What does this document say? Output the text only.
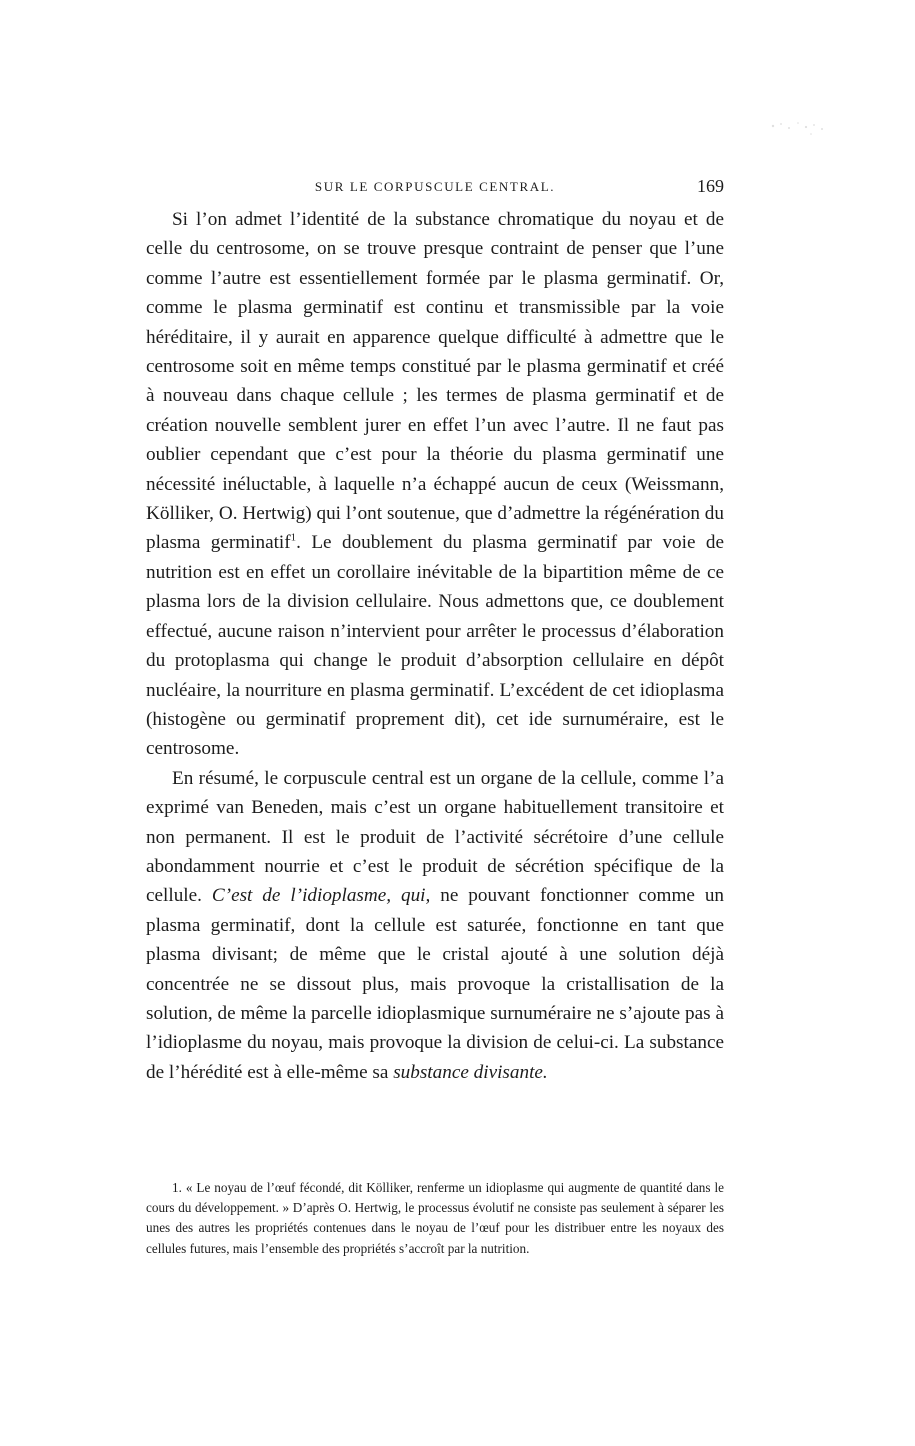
SUR LE CORPUSCULE CENTRAL.	169

Si l’on admet l’identité de la substance chromatique du noyau et de celle du centrosome, on se trouve presque contraint de penser que l’une comme l’autre est essentiellement formée par le plasma germinatif. Or, comme le plasma germinatif est continu et transmissible par la voie héréditaire, il y aurait en apparence quelque difficulté à admettre que le centrosome soit en même temps constitué par le plasma germinatif et créé à nouveau dans chaque cellule ; les termes de plasma germinatif et de création nouvelle semblent jurer en effet l’un avec l’autre. Il ne faut pas oublier cependant que c’est pour la théorie du plasma germinatif une nécessité inéluctable, à laquelle n’a échappé aucun de ceux (Weissmann, Kölliker, O. Hertwig) qui l’ont soutenue, que d’admettre la régénération du plasma germinatif$^1$. Le doublement du plasma germinatif par voie de nutrition est en effet un corollaire inévitable de la bipartition même de ce plasma lors de la division cellulaire. Nous admettons que, ce doublement effectué, aucune raison n’intervient pour arrêter le processus d’élaboration du protoplasma qui change le produit d’absorption cellulaire en dépôt nucléaire, la nourriture en plasma germinatif. L’excédent de cet idioplasma (histogène ou germinatif proprement dit), cet ide surnuméraire, est le centrosome.

En résumé, le corpuscule central est un organe de la cellule, comme l’a exprimé van Beneden, mais c’est un organe habituellement transitoire et non permanent. Il est le produit de l’activité sécrétoire d’une cellule abondamment nourrie et c’est le produit de sécrétion spécifique de la cellule. C’est de l’idioplasme, qui, ne pouvant fonctionner comme un plasma germinatif, dont la cellule est saturée, fonctionne en tant que plasma divisant; de même que le cristal ajouté à une solution déjà concentrée ne se dissout plus, mais provoque la cristallisation de la solution, de même la parcelle idioplasmique surnuméraire ne s’ajoute pas à l’idioplasme du noyau, mais provoque la division de celui-ci. La substance de l’hérédité est à elle-même sa substance divisante.

1. « Le noyau de l’œuf fécondé, dit Kölliker, renferme un idioplasme qui augmente de quantité dans le cours du développement. » D’après O. Hertwig, le processus évolutif ne consiste pas seulement à séparer les unes des autres les propriétés contenues dans le noyau de l’œuf pour les distribuer entre les noyaux des cellules futures, mais l’ensemble des propriétés s’accroît par la nutrition.
